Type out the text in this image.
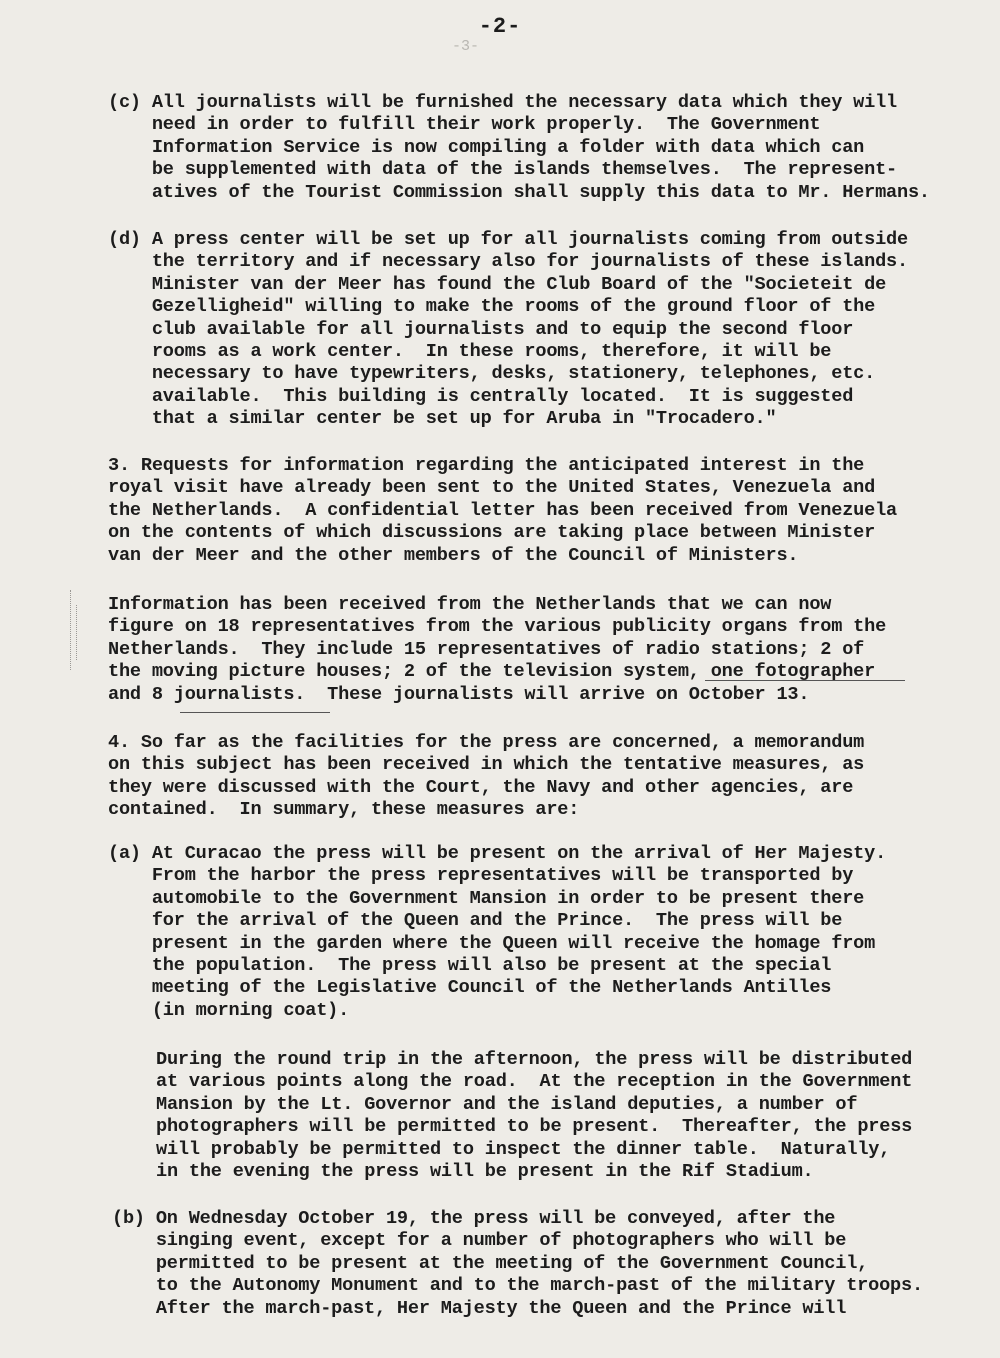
-2-
-3-
(c) All journalists will be furnished the necessary data which they will
need in order to fulfill their work properly.  The Government
Information Service is now compiling a folder with data which can
be supplemented with data of the islands themselves.  The represent-
atives of the Tourist Commission shall supply this data to Mr. Hermans.
(d) A press center will be set up for all journalists coming from outside
the territory and if necessary also for journalists of these islands.
Minister van der Meer has found the Club Board of the "Societeit de
Gezelligheid" willing to make the rooms of the ground floor of the
club available for all journalists and to equip the second floor
rooms as a work center.  In these rooms, therefore, it will be
necessary to have typewriters, desks, stationery, telephones, etc.
available.  This building is centrally located.  It is suggested
that a similar center be set up for Aruba in "Trocadero."
3. Requests for information regarding the anticipated interest in the
royal visit have already been sent to the United States, Venezuela and
the Netherlands.  A confidential letter has been received from Venezuela
on the contents of which discussions are taking place between Minister
van der Meer and the other members of the Council of Ministers.
Information has been received from the Netherlands that we can now
figure on 18 representatives from the various publicity organs from the
Netherlands.  They include 15 representatives of radio stations; 2 of
the moving picture houses; 2 of the television system, one fotographer
and 8 journalists.  These journalists will arrive on October 13.
4. So far as the facilities for the press are concerned, a memorandum
on this subject has been received in which the tentative measures, as
they were discussed with the Court, the Navy and other agencies, are
contained.  In summary, these measures are:
(a) At Curacao the press will be present on the arrival of Her Majesty.
From the harbor the press representatives will be transported by
automobile to the Government Mansion in order to be present there
for the arrival of the Queen and the Prince.  The press will be
present in the garden where the Queen will receive the homage from
the population.  The press will also be present at the special
meeting of the Legislative Council of the Netherlands Antilles
(in morning coat).
During the round trip in the afternoon, the press will be distributed
at various points along the road.  At the reception in the Government
Mansion by the Lt. Governor and the island deputies, a number of
photographers will be permitted to be present.  Thereafter, the press
will probably be permitted to inspect the dinner table.  Naturally,
in the evening the press will be present in the Rif Stadium.
(b) On Wednesday October 19, the press will be conveyed, after the
singing event, except for a number of photographers who will be
permitted to be present at the meeting of the Government Council,
to the Autonomy Monument and to the march-past of the military troops.
After the march-past, Her Majesty the Queen and the Prince will
